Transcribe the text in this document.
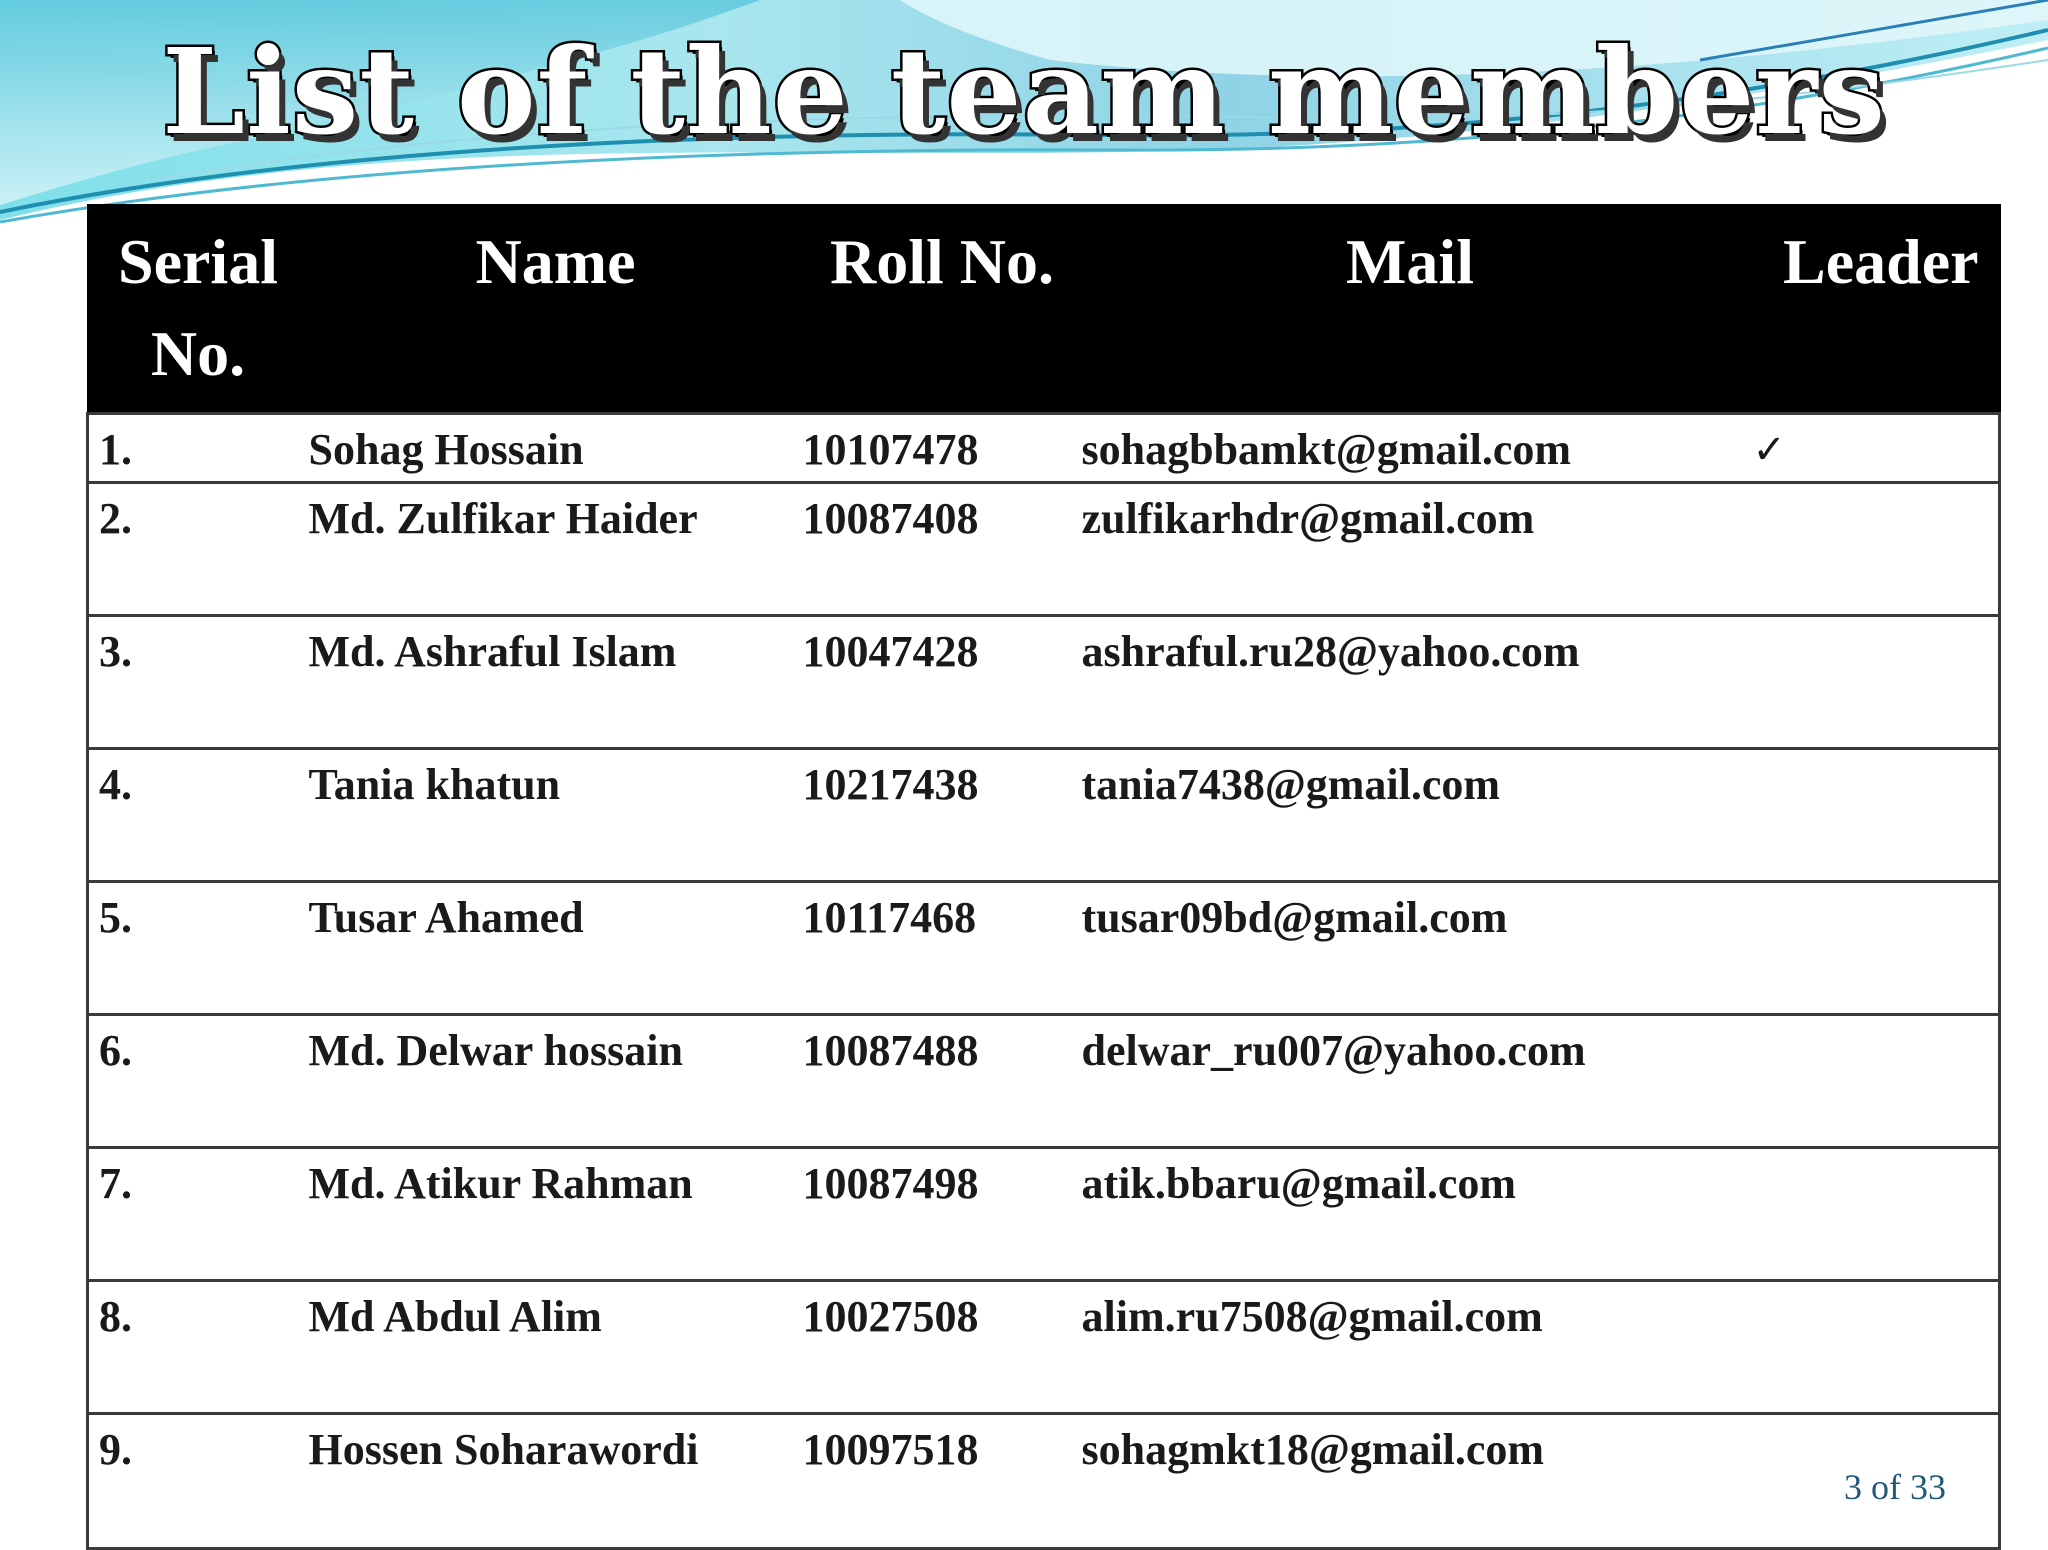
List of the team members
Serial No.	Name	Roll No.	Mail	Leader
1.	Sohag Hossain	10107478	sohagbbamkt@gmail.com	✓
2.	Md. Zulfikar Haider	10087408	zulfikarhdr@gmail.com	
3.	Md. Ashraful Islam	10047428	ashraful.ru28@yahoo.com	
4.	Tania khatun	10217438	tania7438@gmail.com	
5.	Tusar Ahamed	10117468	tusar09bd@gmail.com	
6.	Md. Delwar hossain	10087488	delwar_ru007@yahoo.com	
7.	Md. Atikur Rahman	10087498	atik.bbaru@gmail.com	
8.	Md Abdul Alim	10027508	alim.ru7508@gmail.com	
9.	Hossen Soharawordi	10097518	sohagmkt18@gmail.com	
3 of 33
